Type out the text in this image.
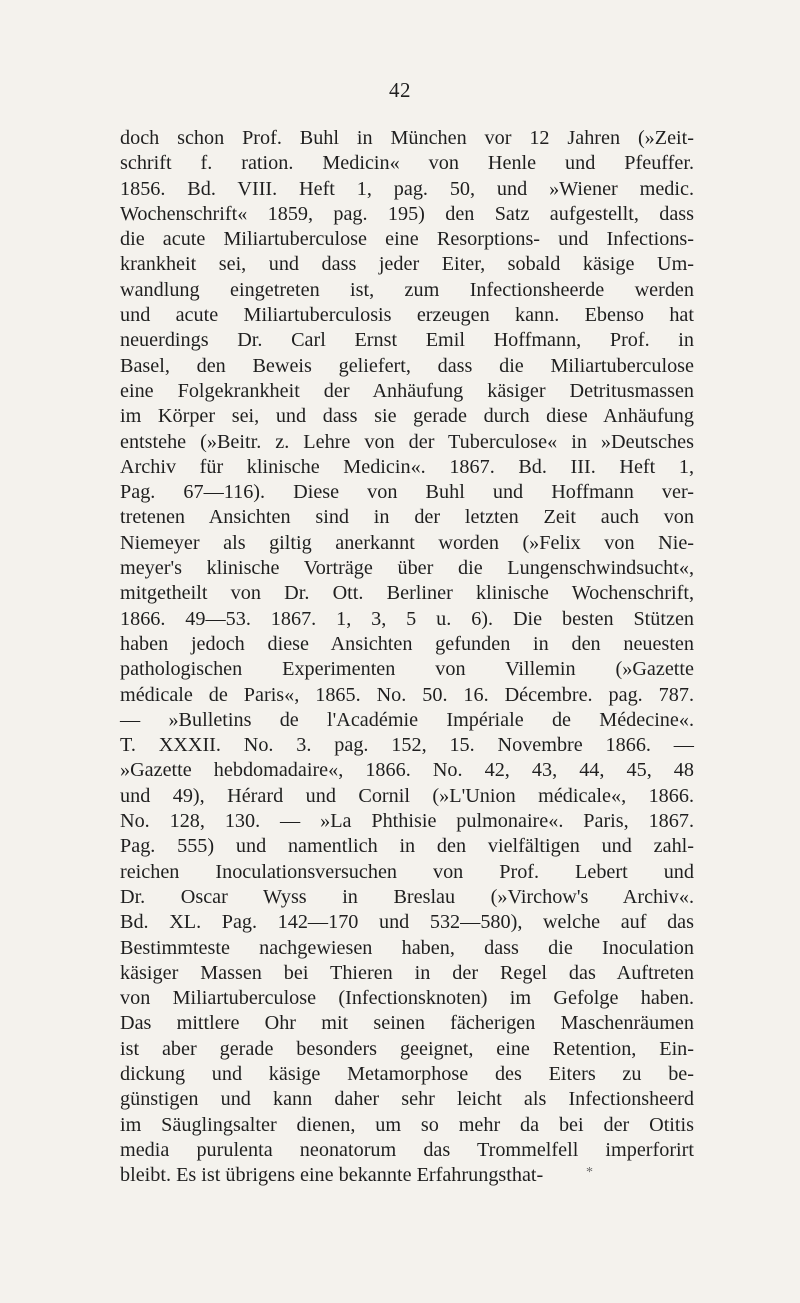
42
doch schon Prof. Buhl in München vor 12 Jahren (»Zeit-
schrift f. ration. Medicin« von Henle und Pfeuffer.
1856. Bd. VIII. Heft 1, pag. 50, und »Wiener medic.
Wochenschrift« 1859, pag. 195) den Satz aufgestellt, dass
die acute Miliartuberculose eine Resorptions- und Infections-
krankheit sei, und dass jeder Eiter, sobald käsige Um-
wandlung eingetreten ist, zum Infectionsheerde werden
und acute Miliartuberculosis erzeugen kann. Ebenso hat
neuerdings Dr. Carl Ernst Emil Hoffmann, Prof. in
Basel, den Beweis geliefert, dass die Miliartuberculose
eine Folgekrankheit der Anhäufung käsiger Detritusmassen
im Körper sei, und dass sie gerade durch diese Anhäufung
entstehe (»Beitr. z. Lehre von der Tuberculose« in »Deutsches
Archiv für klinische Medicin«. 1867. Bd. III. Heft 1,
Pag. 67—116). Diese von Buhl und Hoffmann ver-
tretenen Ansichten sind in der letzten Zeit auch von
Niemeyer als giltig anerkannt worden (»Felix von Nie-
meyer's klinische Vorträge über die Lungenschwindsucht«,
mitgetheilt von Dr. Ott. Berliner klinische Wochenschrift,
1866. 49—53. 1867. 1, 3, 5 u. 6). Die besten Stützen
haben jedoch diese Ansichten gefunden in den neuesten
pathologischen Experimenten von Villemin (»Gazette
médicale de Paris«, 1865. No. 50. 16. Décembre. pag. 787.
— »Bulletins de l'Académie Impériale de Médecine«.
T. XXXII. No. 3. pag. 152, 15. Novembre 1866. —
»Gazette hebdomadaire«, 1866. No. 42, 43, 44, 45, 48
und 49), Hérard und Cornil (»L'Union médicale«, 1866.
No. 128, 130. — »La Phthisie pulmonaire«. Paris, 1867.
Pag. 555) und namentlich in den vielfältigen und zahl-
reichen Inoculationsversuchen von Prof. Lebert und
Dr. Oscar Wyss in Breslau (»Virchow's Archiv«.
Bd. XL. Pag. 142—170 und 532—580), welche auf das
Bestimmteste nachgewiesen haben, dass die Inoculation
käsiger Massen bei Thieren in der Regel das Auftreten
von Miliartuberculose (Infectionsknoten) im Gefolge haben.
Das mittlere Ohr mit seinen fächerigen Maschenräumen
ist aber gerade besonders geeignet, eine Retention, Ein-
dickung und käsige Metamorphose des Eiters zu be-
günstigen und kann daher sehr leicht als Infectionsheerd
im Säuglingsalter dienen, um so mehr da bei der Otitis
media purulenta neonatorum das Trommelfell imperforirt
bleibt. Es ist übrigens eine bekannte Erfahrungsthat-	*
